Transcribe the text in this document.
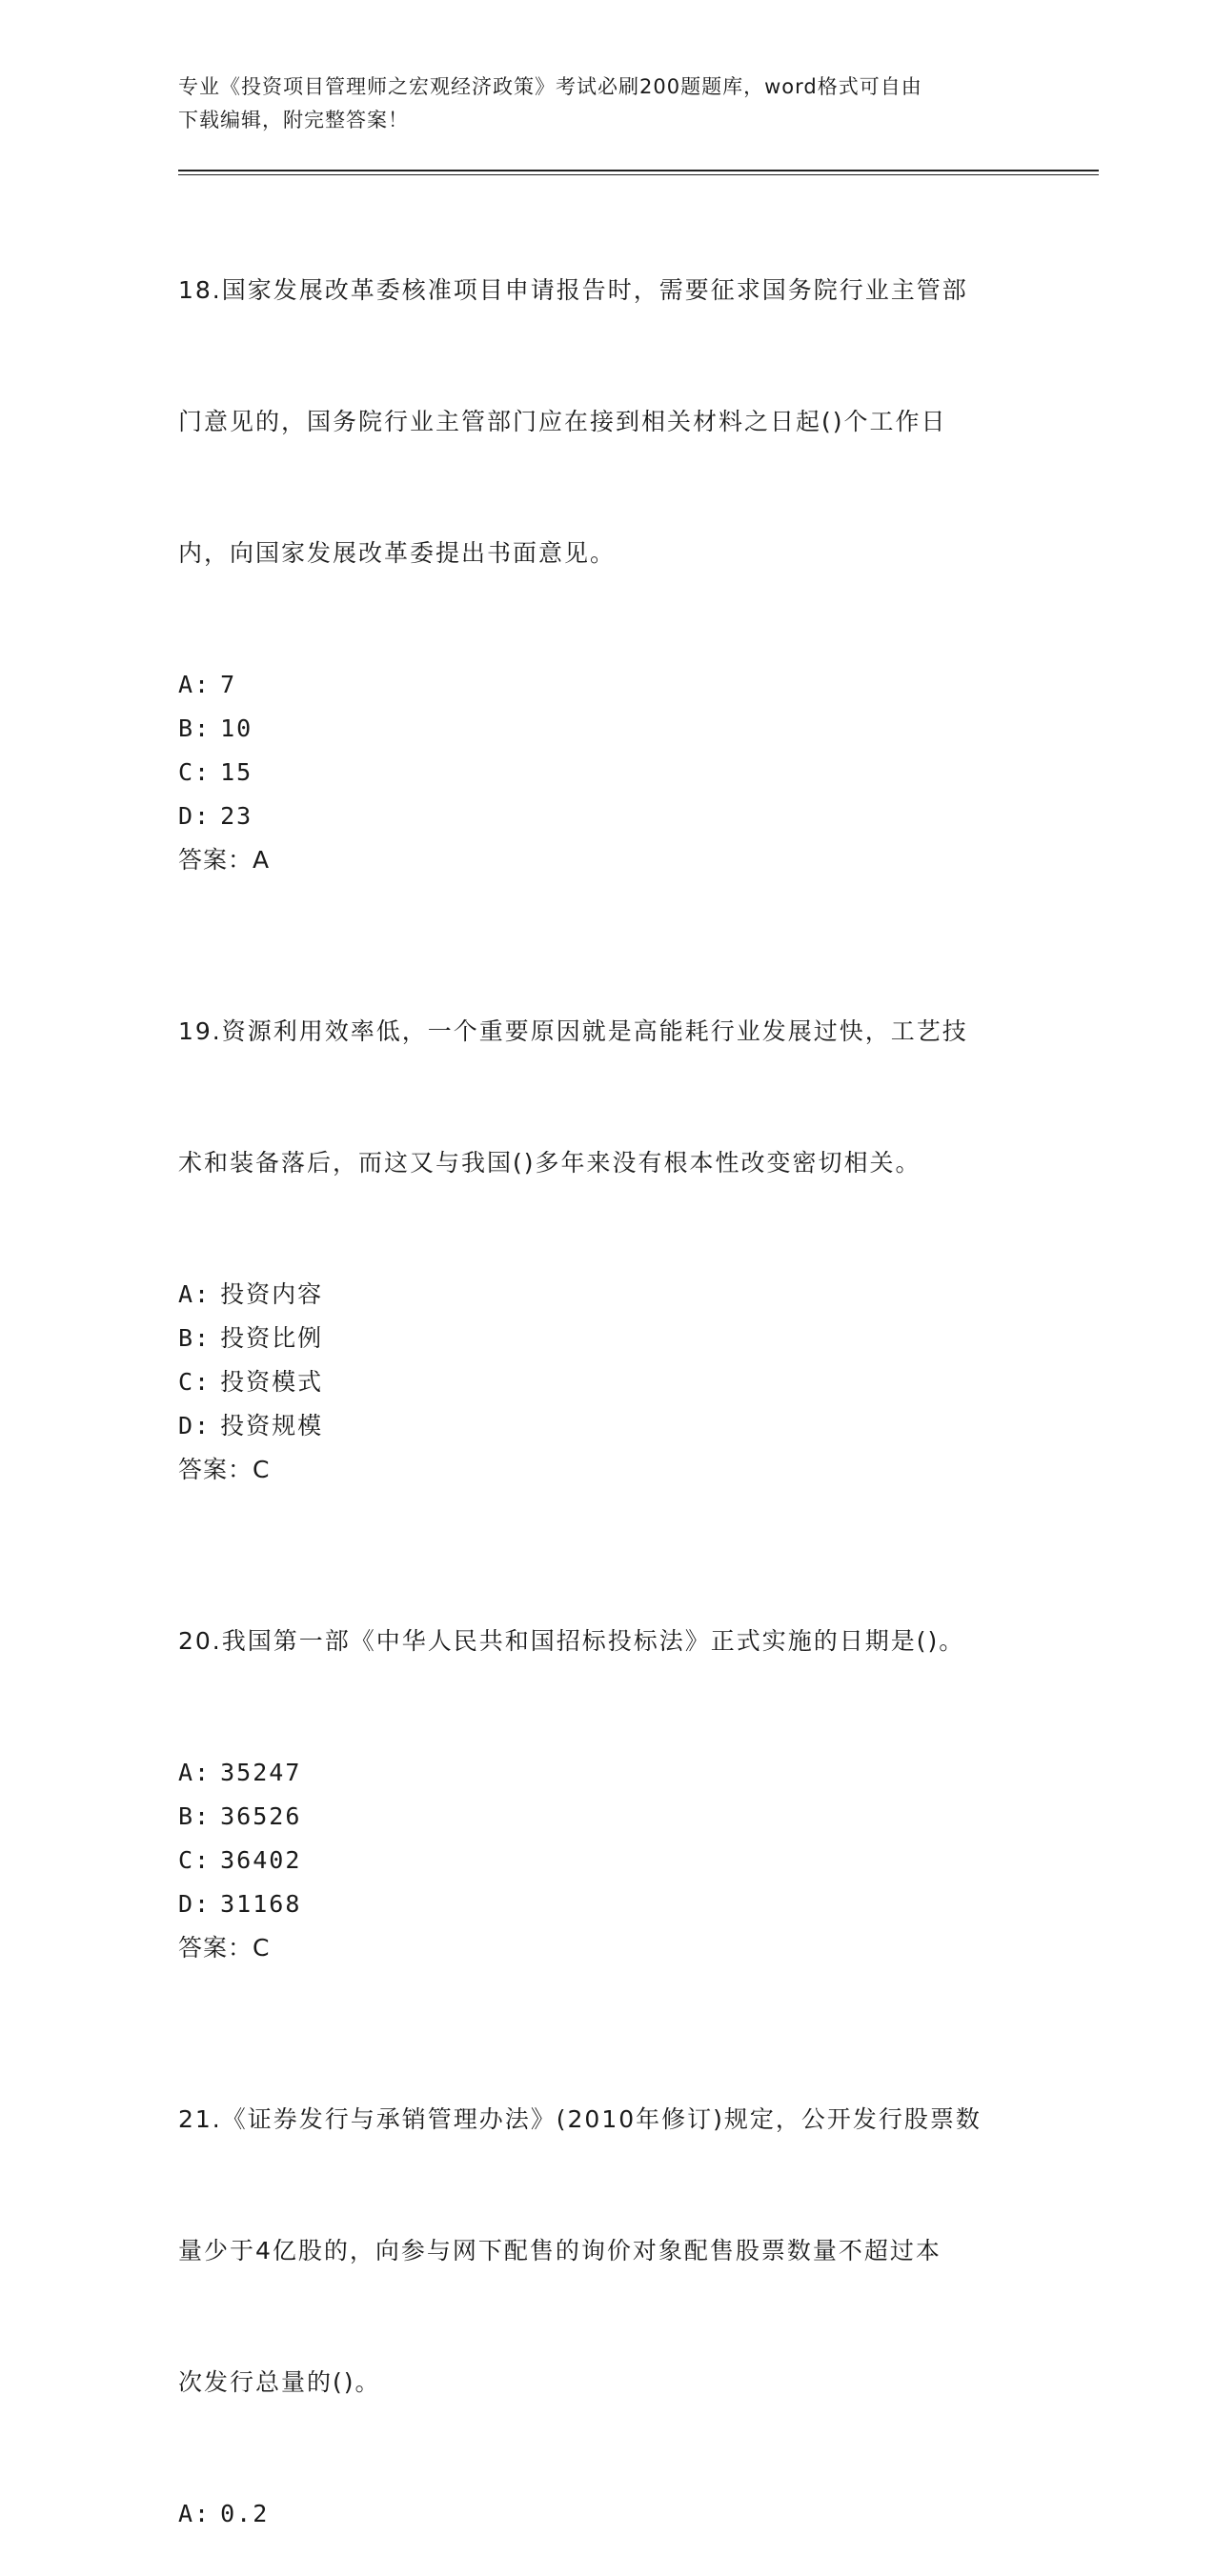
专业《投资项目管理师之宏观经济政策》考试必刷200题题库，word格式可自由
下载编辑，附完整答案！

18.国家发展改革委核准项目申请报告时，需要征求国务院行业主管部

门意见的，国务院行业主管部门应在接到相关材料之日起()个工作日

内，向国家发展改革委提出书面意见。

A: 7
B: 10
C: 15
D: 23
答案：A

19.资源利用效率低，一个重要原因就是高能耗行业发展过快，工艺技

术和装备落后，而这又与我国()多年来没有根本性改变密切相关。

A: 投资内容
B: 投资比例
C: 投资模式
D: 投资规模
答案：C

20.我国第一部《中华人民共和国招标投标法》正式实施的日期是()。

A: 35247
B: 36526
C: 36402
D: 31168
答案：C

21.《证券发行与承销管理办法》(2010年修订)规定，公开发行股票数

量少于4亿股的，向参与网下配售的询价对象配售股票数量不超过本

次发行总量的()。

A: 0.2
